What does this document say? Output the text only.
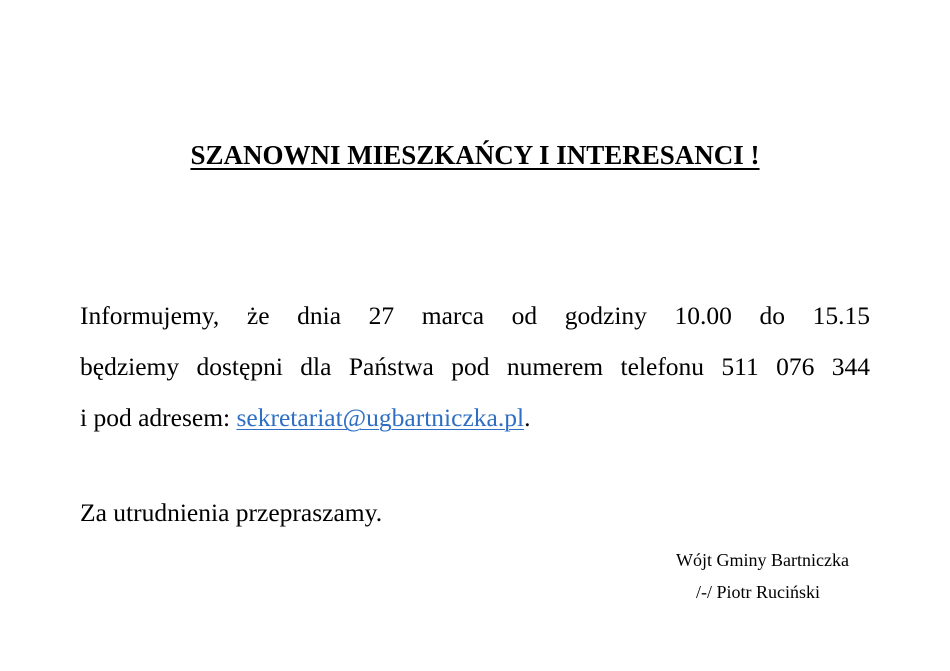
SZANOWNI MIESZKAŃCY I INTERESANCI !
Informujemy, że dnia 27 marca od godziny 10.00 do 15.15
będziemy dostępni dla Państwa pod numerem telefonu 511 076 344
i pod adresem: sekretariat@ugbartniczka.pl.

Za utrudnienia przepraszamy.

Wójt Gminy Bartniczka
/-/ Piotr Ruciński
